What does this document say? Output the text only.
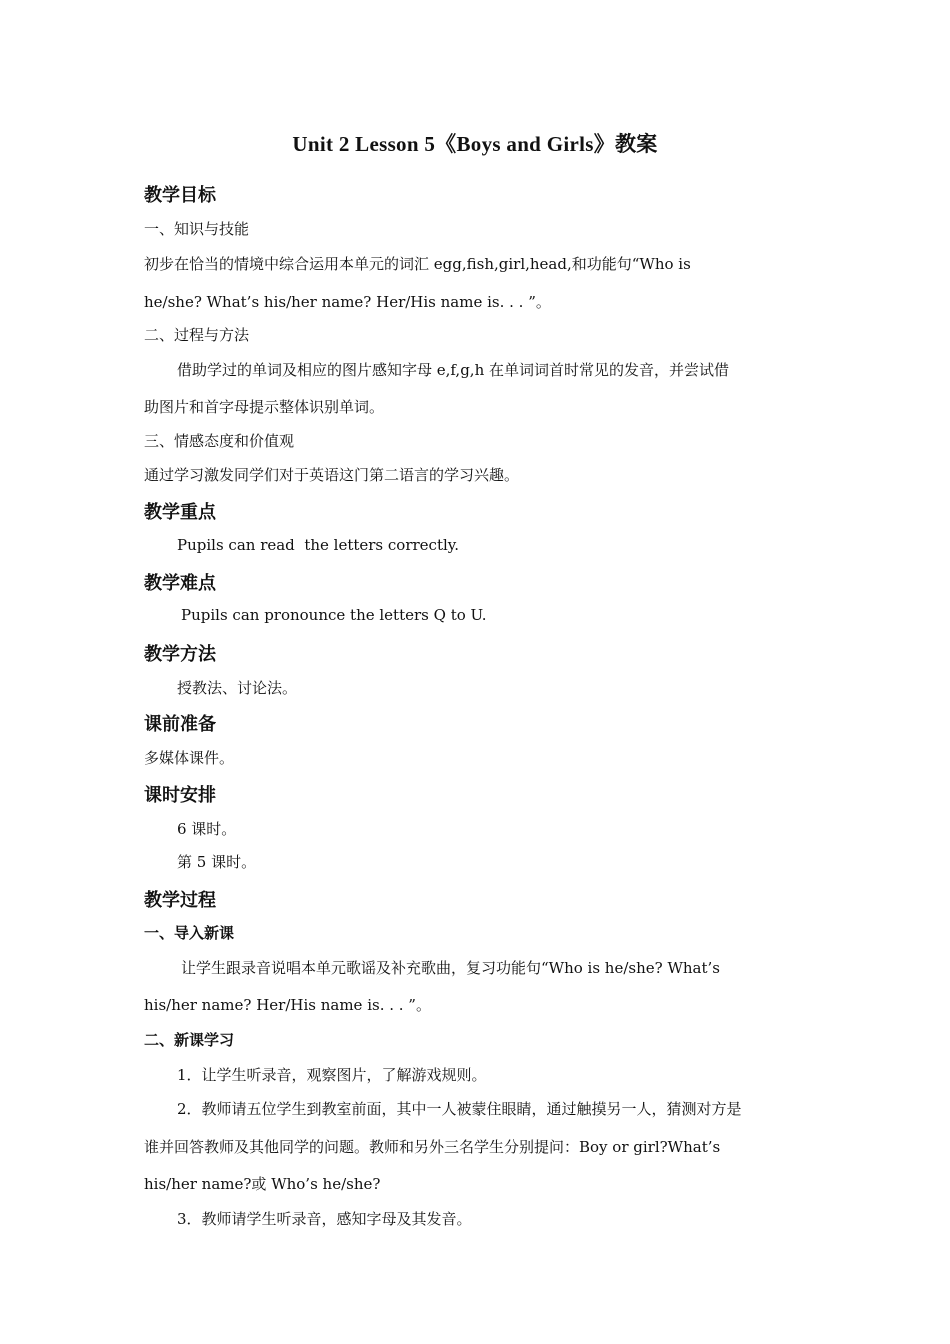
Unit 2 Lesson 5《Boys and Girls》教案
教学目标
一、知识与技能
初步在恰当的情境中综合运用本单元的词汇 egg,fish,girl,head,和功能句“Who is
he/she? What’s his/her name? Her/His name is. . . ”。
二、过程与方法
借助学过的单词及相应的图片感知字母 e,f,g,h 在单词词首时常见的发音，并尝试借
助图片和首字母提示整体识别单词。
三、情感态度和价值观
通过学习激发同学们对于英语这门第二语言的学习兴趣。
教学重点
Pupils can read  the letters correctly.
教学难点
Pupils can pronounce the letters Q to U.
教学方法
授教法、讨论法。
课前准备
多媒体课件。
课时安排
6 课时。
第 5 课时。
教学过程
一、导入新课
让学生跟录音说唱本单元歌谣及补充歌曲，复习功能句“Who is he/she? What’s
his/her name? Her/His name is. . . ”。
二、新课学习
1．让学生听录音，观察图片，了解游戏规则。
2．教师请五位学生到教室前面，其中一人被蒙住眼睛，通过触摸另一人，猜测对方是
谁并回答教师及其他同学的问题。教师和另外三名学生分别提问：Boy or girl?What’s
his/her name?或 Who’s he/she?
3．教师请学生听录音，感知字母及其发音。
